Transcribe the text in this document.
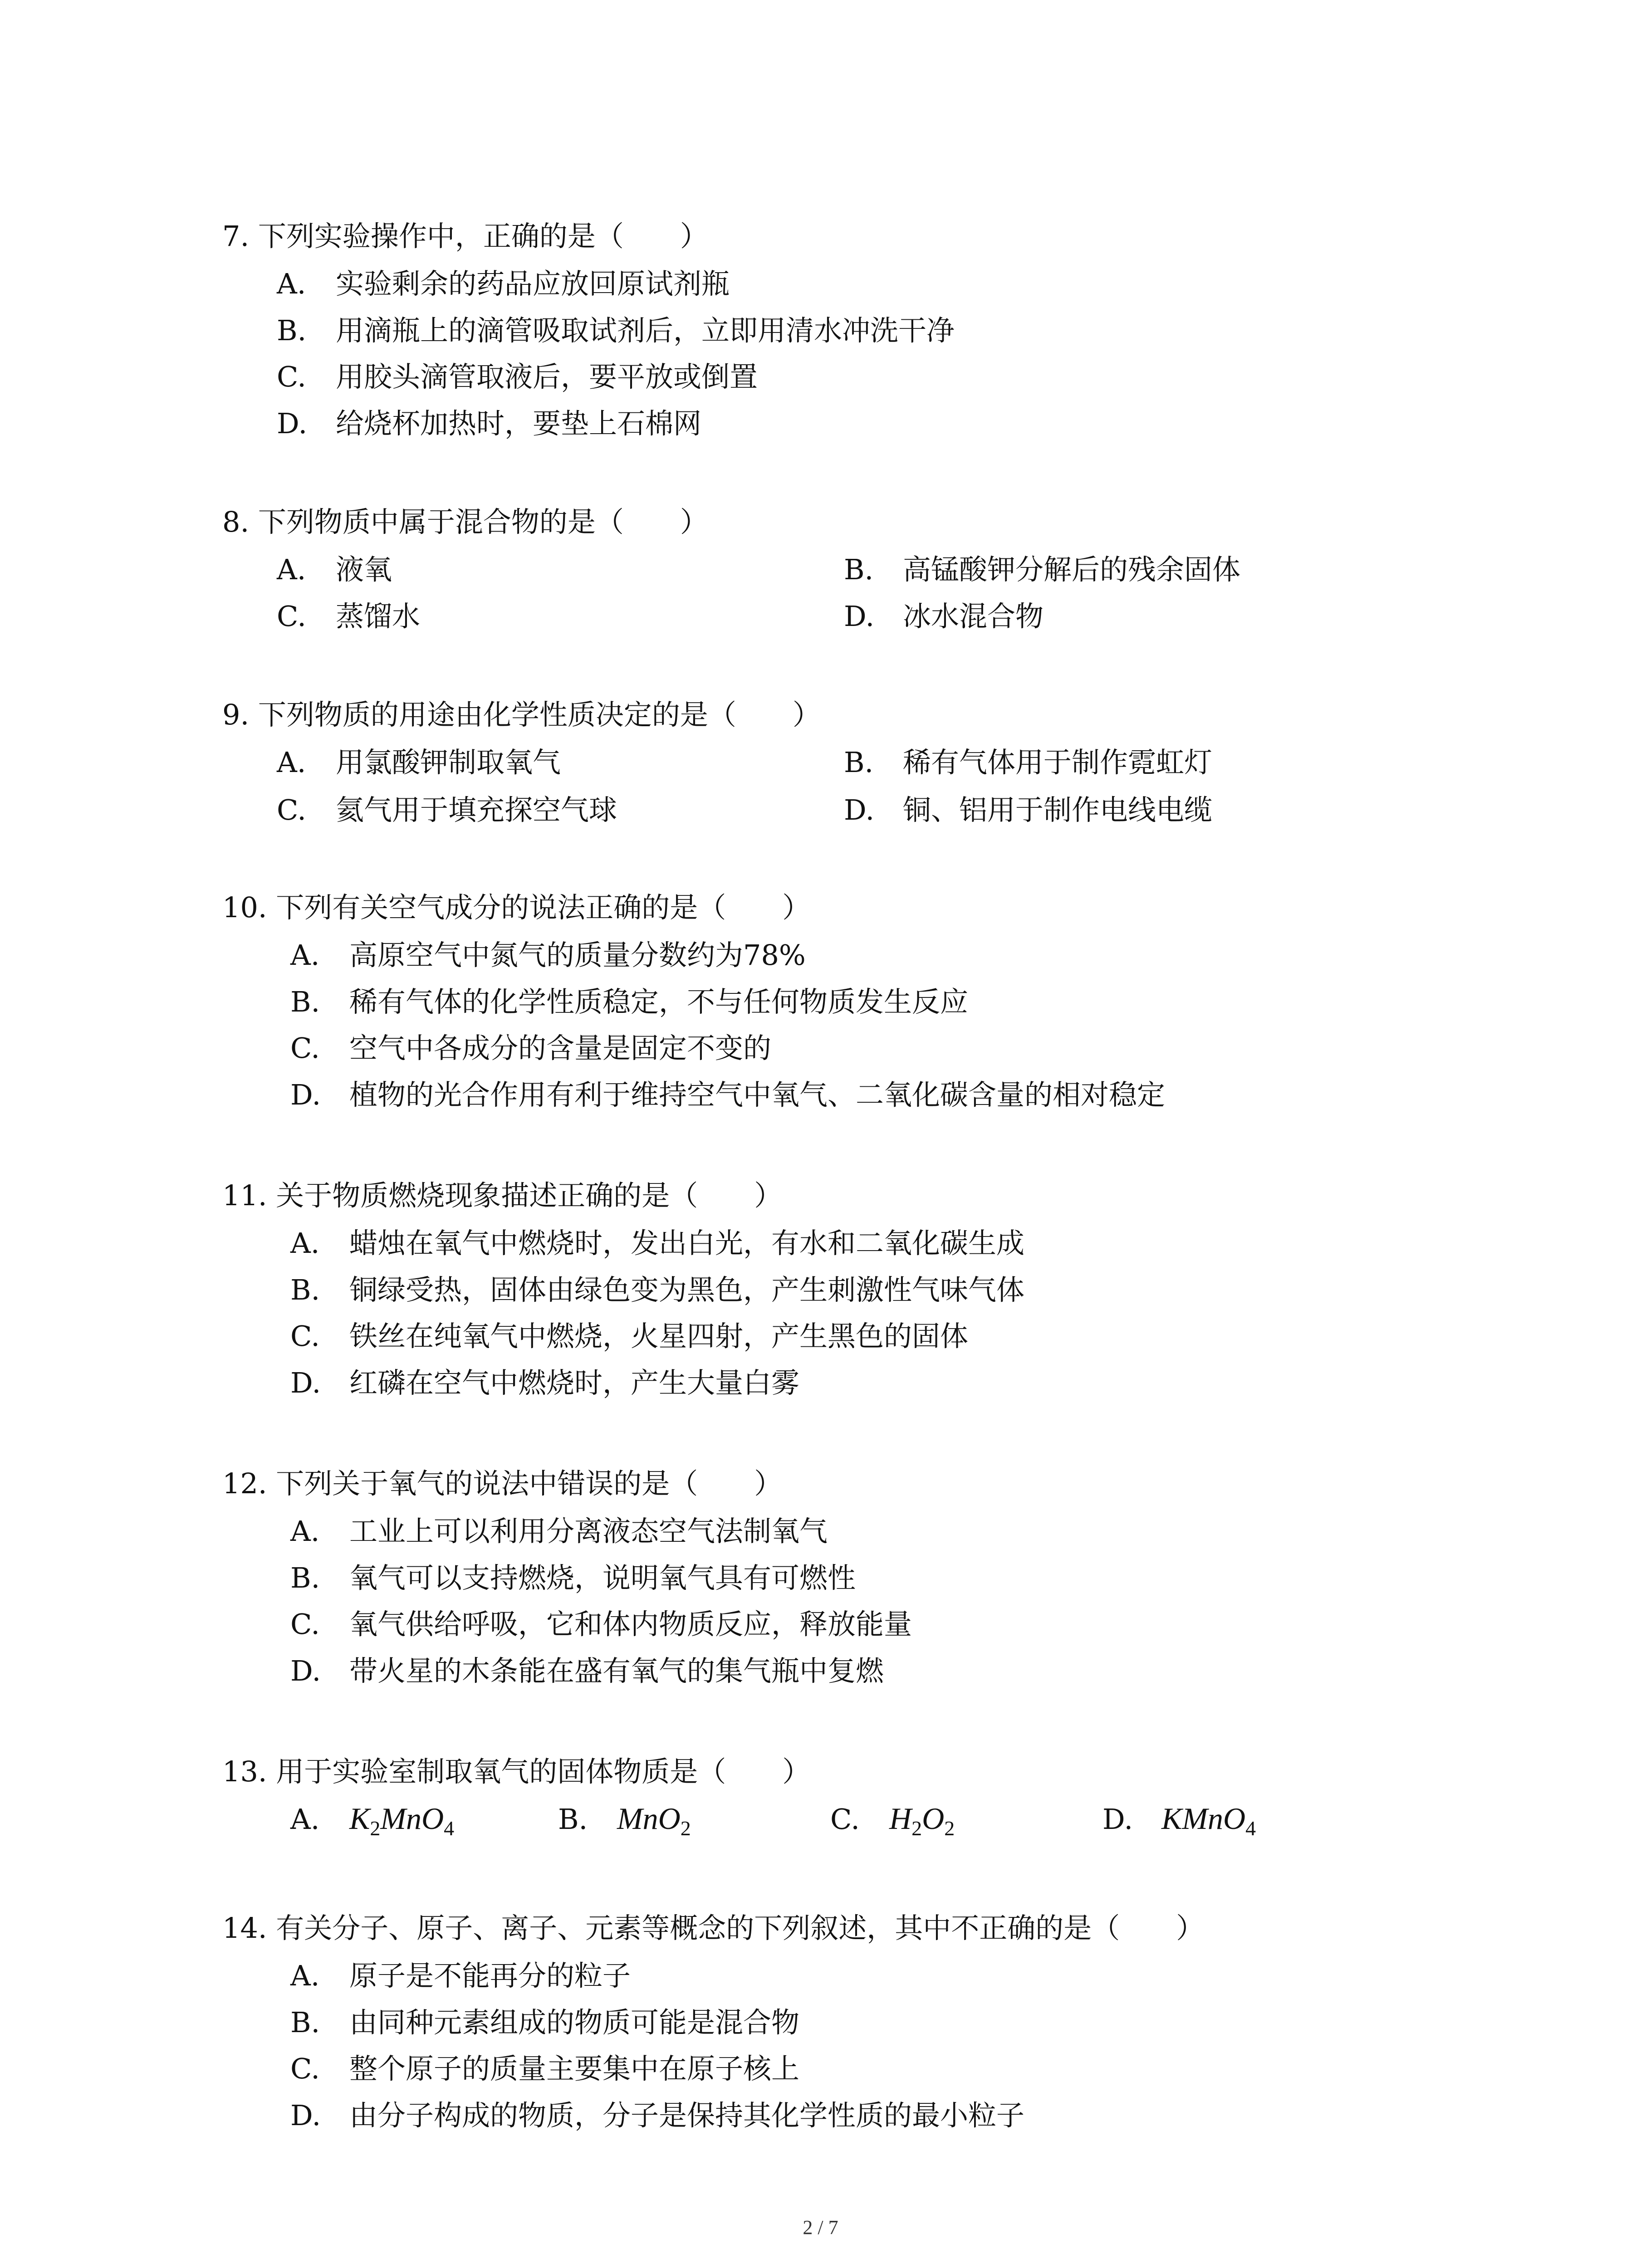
7. 下列实验操作中，正确的是（　　）
A. 实验剩余的药品应放回原试剂瓶
B. 用滴瓶上的滴管吸取试剂后，立即用清水冲洗干净
C. 用胶头滴管取液后，要平放或倒置
D. 给烧杯加热时，要垫上石棉网
8. 下列物质中属于混合物的是（　　）
A. 液氧	B. 高锰酸钾分解后的残余固体
C. 蒸馏水	D. 冰水混合物
9. 下列物质的用途由化学性质决定的是（　　）
A. 用氯酸钾制取氧气	B. 稀有气体用于制作霓虹灯
C. 氦气用于填充探空气球	D. 铜、铝用于制作电线电缆
10. 下列有关空气成分的说法正确的是（　　）
A. 高原空气中氮气的质量分数约为78%
B. 稀有气体的化学性质稳定，不与任何物质发生反应
C. 空气中各成分的含量是固定不变的
D. 植物的光合作用有利于维持空气中氧气、二氧化碳含量的相对稳定
11. 关于物质燃烧现象描述正确的是（　　）
A. 蜡烛在氧气中燃烧时，发出白光，有水和二氧化碳生成
B. 铜绿受热，固体由绿色变为黑色，产生刺激性气味气体
C. 铁丝在纯氧气中燃烧，火星四射，产生黑色的固体
D. 红磷在空气中燃烧时，产生大量白雾
12. 下列关于氧气的说法中错误的是（　　）
A. 工业上可以利用分离液态空气法制氧气
B. 氧气可以支持燃烧，说明氧气具有可燃性
C. 氧气供给呼吸，它和体内物质反应，释放能量
D. 带火星的木条能在盛有氧气的集气瓶中复燃
13. 用于实验室制取氧气的固体物质是（　　）
A. $K_2MnO_4$	B. MnO$_2$	C. $H_2O_2$	D. KMnO$_4$
14. 有关分子、原子、离子、元素等概念的下列叙述，其中不正确的是（　　）
A. 原子是不能再分的粒子
B. 由同种元素组成的物质可能是混合物
C. 整个原子的质量主要集中在原子核上
D. 由分子构成的物质，分子是保持其化学性质的最小粒子
2 / 7
